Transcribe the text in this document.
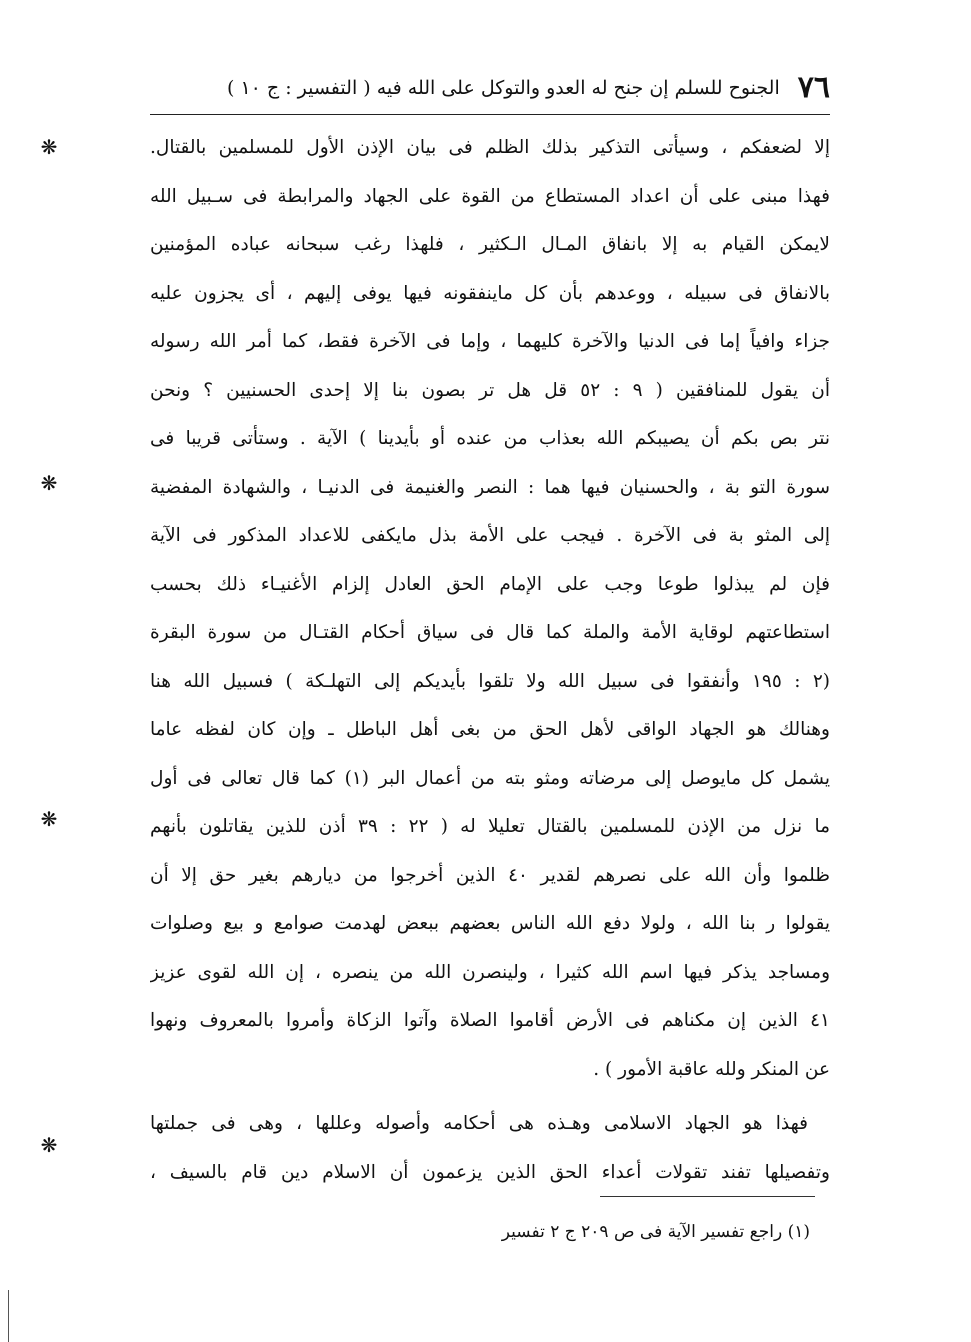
٧٦
الجنوح للسلم إن جنح له العدو والتوكل على الله فيه ( التفسير : ج ١٠ )
إلا لضعفكم ، وسيأتى التذكير بذلك الظلم فى بيان الإذن الأول للمسلمين بالقتال.
فهذا مبنى على أن اعداد المستطاع من القوة على الجهاد والمرابطة فى سـبيل الله
لايمكن القيام به إلا بانفاق المـال الـكثير ، فلهذا رغب سبحانه عباده المؤمنين
بالانفاق فى سبيله ، ووعدهم بأن كل ماينفقونه فيها يوفى إليهم ، أى يجزون عليه
جزاء وافياً إما فى الدنيا والآخرة كليهما ، وإما فى الآخرة فقط، كما أمر الله رسوله
أن يقول للمنافقين ( ٩ : ٥٢ قل هل تر بصون بنا إلا إحدى الحسنيين ؟ ونحن
نتر بص بكم أن يصيبكم الله بعذاب من عنده أو بأيدينا ) الآية . وستأتى قريبا فى
سورة التو بة ، والحسنيان فيها هما : النصر والغنيمة فى الدنيـا ، والشهادة المفضية
إلى المثو بة فى الآخرة . فيجب على الأمة بذل مايكفى للاعداد المذكور فى الآية
فإن لم يبذلوا طوعا وجب على الإمام الحق العادل إلزام الأغنيـاء ذلك بحسب
استطاعتهم لوقاية الأمة والملة كما قال فى سياق أحكام القتـال من سورة البقرة
(٢ : ١٩٥ وأنفقوا فى سبيل الله ولا تلقوا بأيديكم إلى التهلـكة ) فسبيل الله هنا
وهنالك هو الجهاد الواقى لأهل الحق من بغى أهل الباطل ـ وإن كان لفظه عاما
يشمل كل مايوصل إلى مرضاته ومثو بته من أعمال البر (١) كما قال تعالى فى أول
ما نزل من الإذن للمسلمين بالقتال تعليلا له ( ٢٢ : ٣٩ أذن للذين يقاتلون بأنهم
ظلموا وأن الله على نصرهم لقدير ٤٠ الذين أخرجوا من ديارهم بغير حق إلا أن
يقولوا ر بنا الله ، ولولا دفع الله الناس بعضهم ببعض لهدمت صوامع و بيع وصلوات
ومساجد يذكر فيها اسم الله كثيرا ، ولينصرن الله من ينصره ، إن الله لقوى عزيز
٤١ الذين إن مكناهم فى الأرض أقاموا الصلاة وآتوا الزكاة وأمروا بالمعروف ونهوا
عن المنكر ولله عاقبة الأمور ) .
فهذا هو الجهاد الاسلامى وهـذه هى أحكامه وأصوله وعللها ، وهى فى جملتها
وتفصيلها تفند تقولات أعداء الحق الذين يزعمون أن الاسلام دين قام بالسيف ،
(١) راجع تفسير الآية فى ص ٢٠٩ ج ٢ تفسير
❋
❋
❋
❋
